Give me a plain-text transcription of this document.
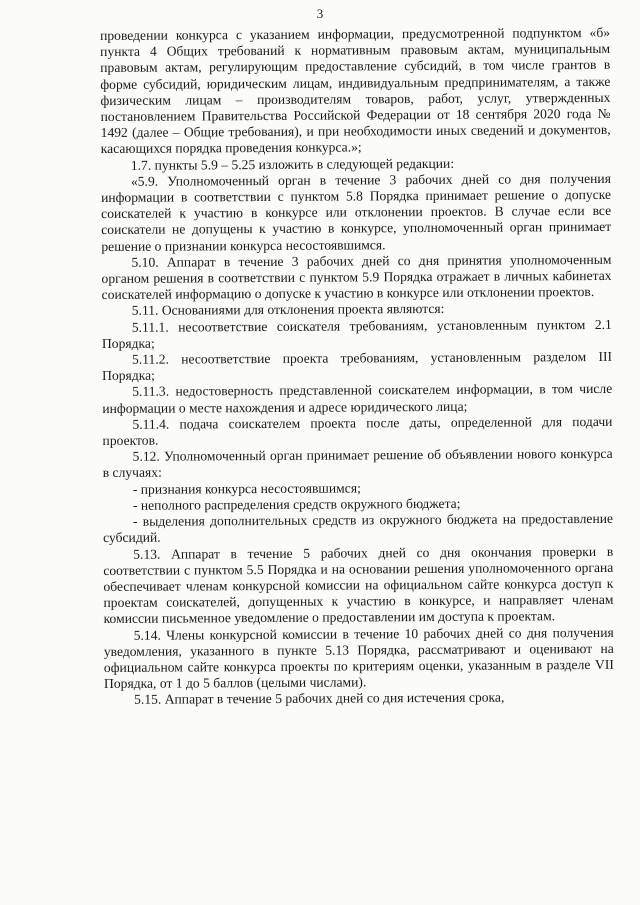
3

проведении конкурса с указанием информации, предусмотренной подпунктом «б» пункта 4 Общих требований к нормативным правовым актам, муниципальным правовым актам, регулирующим предоставление субсидий, в том числе грантов в форме субсидий, юридическим лицам, индивидуальным предпринимателям, а также физическим лицам – производителям товаров, работ, услуг, утвержденных постановлением Правительства Российской Федерации от 18 сентября 2020 года № 1492 (далее – Общие требования), и при необходимости иных сведений и документов, касающихся порядка проведения конкурса.»;

1.7. пункты 5.9 – 5.25 изложить в следующей редакции:

«5.9. Уполномоченный орган в течение 3 рабочих дней со дня получения информации в соответствии с пунктом 5.8 Порядка принимает решение о допуске соискателей к участию в конкурсе или отклонении проектов. В случае если все соискатели не допущены к участию в конкурсе, уполномоченный орган принимает решение о признании конкурса несостоявшимся.

5.10. Аппарат в течение 3 рабочих дней со дня принятия уполномоченным органом решения в соответствии с пунктом 5.9 Порядка отражает в личных кабинетах соискателей информацию о допуске к участию в конкурсе или отклонении проектов.

5.11. Основаниями для отклонения проекта являются:

5.11.1. несоответствие соискателя требованиям, установленным пунктом 2.1 Порядка;

5.11.2. несоответствие проекта требованиям, установленным разделом III Порядка;

5.11.3. недостоверность представленной соискателем информации, в том числе информации о месте нахождения и адресе юридического лица;

5.11.4. подача соискателем проекта после даты, определенной для подачи проектов.

5.12. Уполномоченный орган принимает решение об объявлении нового конкурса в случаях:

- признания конкурса несостоявшимся;

- неполного распределения средств окружного бюджета;

- выделения дополнительных средств из окружного бюджета на предоставление субсидий.

5.13. Аппарат в течение 5 рабочих дней со дня окончания проверки в соответствии с пунктом 5.5 Порядка и на основании решения уполномоченного органа обеспечивает членам конкурсной комиссии на официальном сайте конкурса доступ к проектам соискателей, допущенных к участию в конкурсе, и направляет членам комиссии письменное уведомление о предоставлении им доступа к проектам.

5.14. Члены конкурсной комиссии в течение 10 рабочих дней со дня получения уведомления, указанного в пункте 5.13 Порядка, рассматривают и оценивают на официальном сайте конкурса проекты по критериям оценки, указанным в разделе VII Порядка, от 1 до 5 баллов (целыми числами).

5.15. Аппарат в течение 5 рабочих дней со дня истечения срока,
